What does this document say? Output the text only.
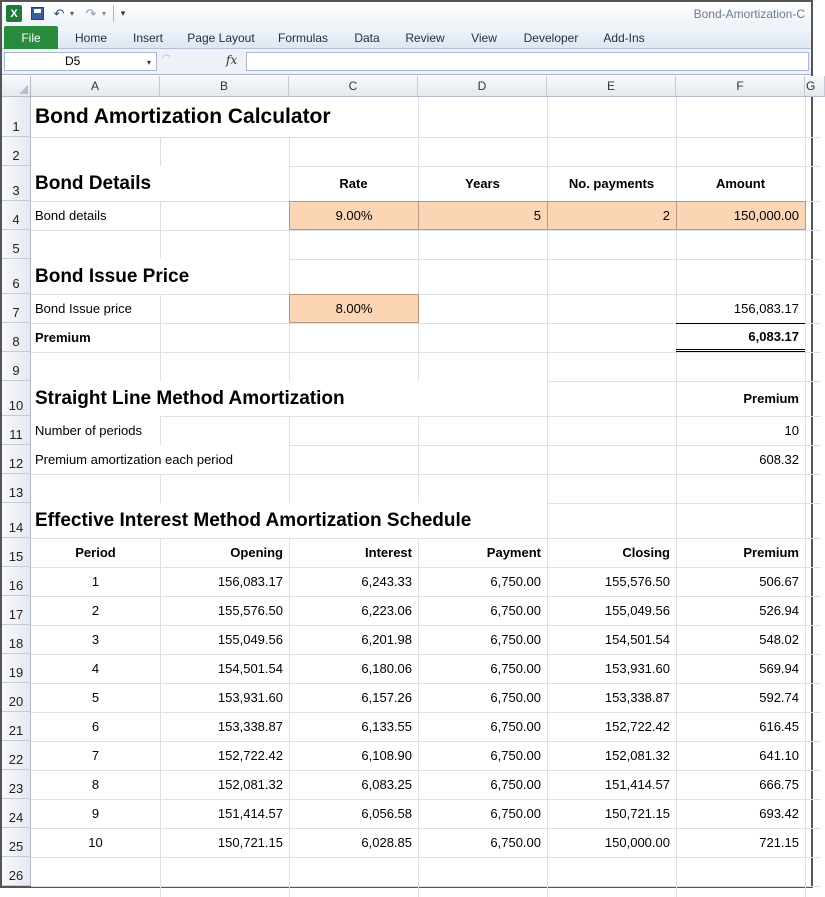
X	↶ ▾ ↷ ▾	▾	Bond-Amortization-C
File	Home	Insert	Page Layout	Formulas	Data	Review	View	Developer	Add-Ins
D5	▾	◠	fx
A	B	C	D	E	F	G
1
2
3
4
5
6
7
8
9
10
11
12
13
14
15
16
17
18
19
20
21
22
23
24
25
26
Bond Amortization Calculator
Bond Details	Rate	Years	No. payments	Amount
Bond details	9.00%	5	2	150,000.00
Bond Issue Price
Bond Issue price	8.00%	156,083.17
Premium	6,083.17
Straight Line Method Amortization	Premium
Number of periods	10
Premium amortization each period	608.32
Effective Interest Method Amortization Schedule
Period	Opening	Interest	Payment	Closing	Premium
1	156,083.17	6,243.33	6,750.00	155,576.50	506.67
2	155,576.50	6,223.06	6,750.00	155,049.56	526.94
3	155,049.56	6,201.98	6,750.00	154,501.54	548.02
4	154,501.54	6,180.06	6,750.00	153,931.60	569.94
5	153,931.60	6,157.26	6,750.00	153,338.87	592.74
6	153,338.87	6,133.55	6,750.00	152,722.42	616.45
7	152,722.42	6,108.90	6,750.00	152,081.32	641.10
8	152,081.32	6,083.25	6,750.00	151,414.57	666.75
9	151,414.57	6,056.58	6,750.00	150,721.15	693.42
10	150,721.15	6,028.85	6,750.00	150,000.00	721.15
